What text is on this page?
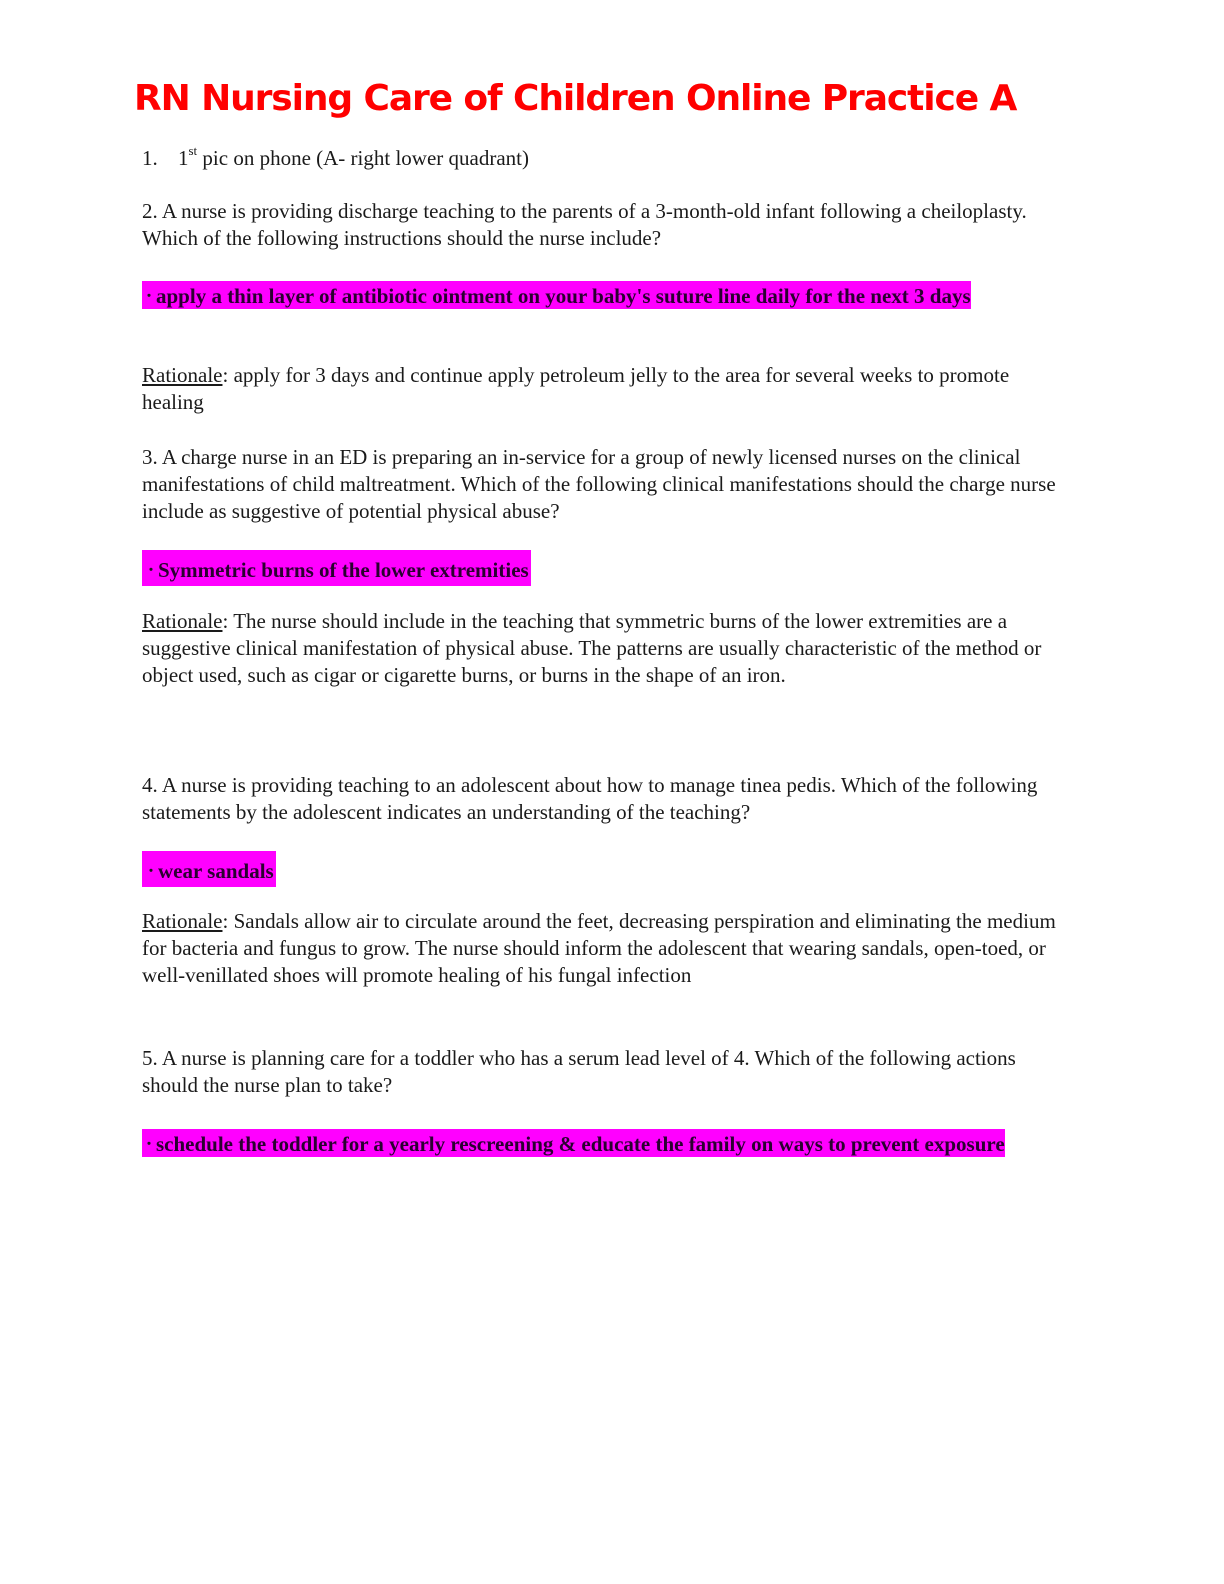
RN Nursing Care of Children Online Practice A
1. 1st pic on phone (A- right lower quadrant)

2. A nurse is providing discharge teaching to the parents of a 3-month-old infant following a cheiloplasty. Which of the following instructions should the nurse include?

・apply a thin layer of antibiotic ointment on your baby's suture line daily for the next 3 days

Rationale: apply for 3 days and continue apply petroleum jelly to the area for several weeks to promote healing

3. A charge nurse in an ED is preparing an in-service for a group of newly licensed nurses on the clinical manifestations of child maltreatment. Which of the following clinical manifestations should the charge nurse include as suggestive of potential physical abuse?

・Symmetric burns of the lower extremities

Rationale: The nurse should include in the teaching that symmetric burns of the lower extremities are a suggestive clinical manifestation of physical abuse. The patterns are usually characteristic of the method or object used, such as cigar or cigarette burns, or burns in the shape of an iron.

4. A nurse is providing teaching to an adolescent about how to manage tinea pedis. Which of the following statements by the adolescent indicates an understanding of the teaching?

・wear sandals

Rationale: Sandals allow air to circulate around the feet, decreasing perspiration and eliminating the medium for bacteria and fungus to grow. The nurse should inform the adolescent that wearing sandals, open-toed, or well-venillated shoes will promote healing of his fungal infection

5. A nurse is planning care for a toddler who has a serum lead level of 4. Which of the following actions should the nurse plan to take?

・schedule the toddler for a yearly rescreening & educate the family on ways to prevent exposure
